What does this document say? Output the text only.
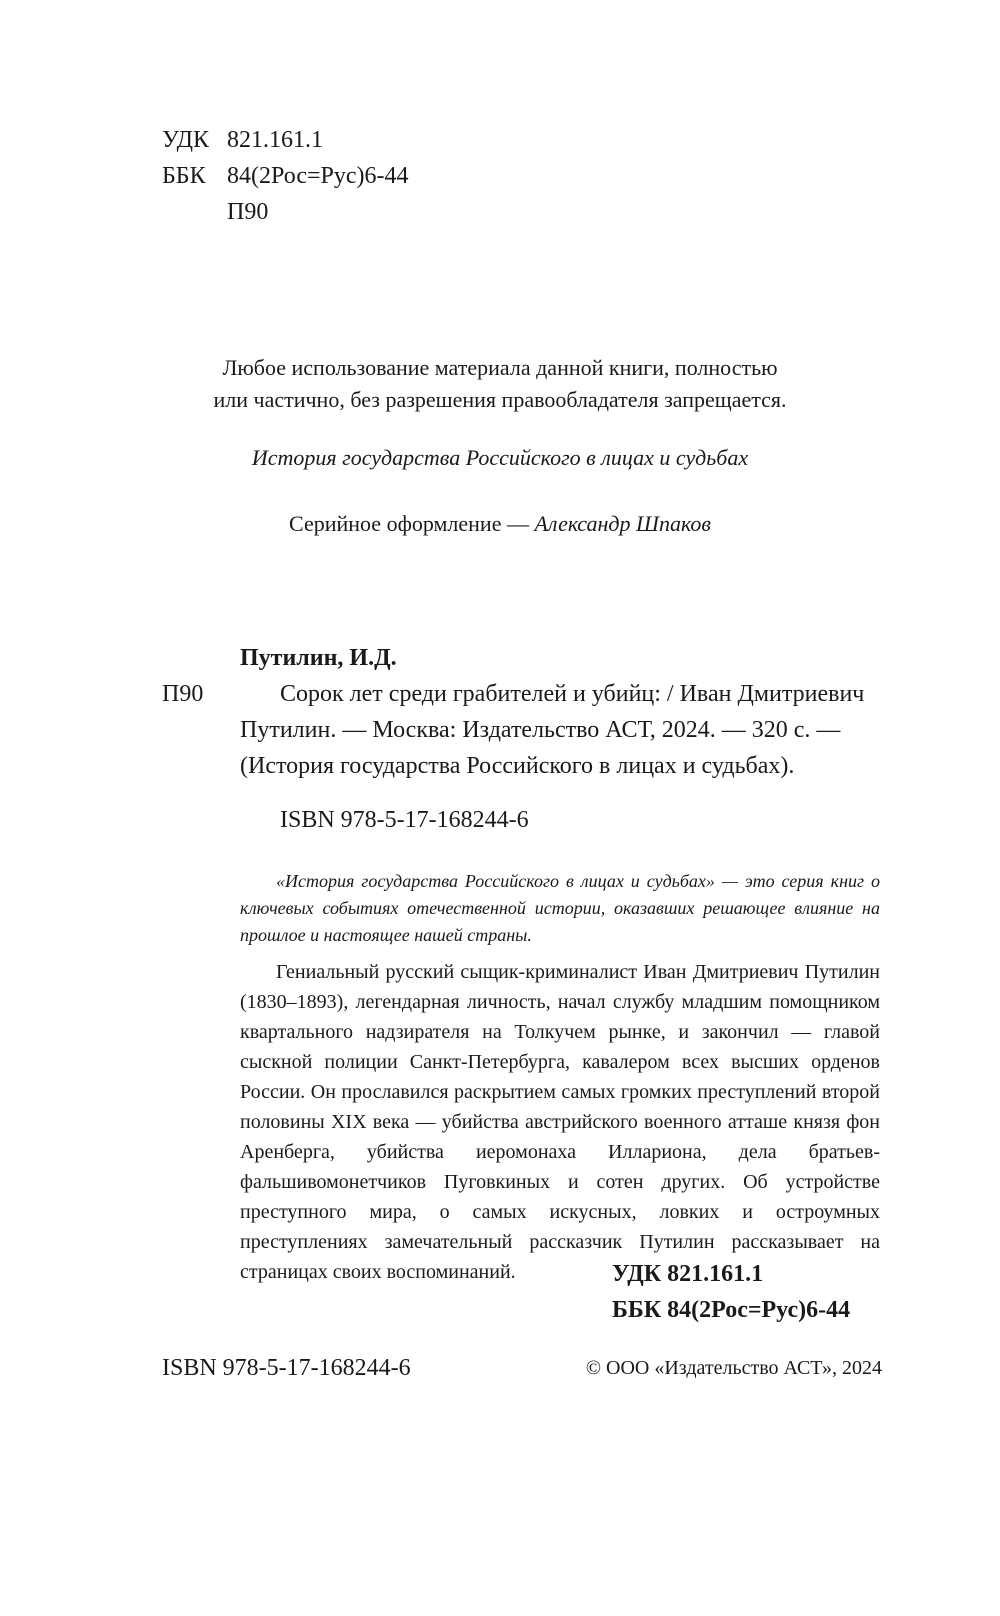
УДК 821.161.1
ББК 84(2Рос=Рус)6-44
П90
Любое использование материала данной книги, полностью
или частично, без разрешения правообладателя запрещается.
История государства Российского в лицах и судьбах
Серийное оформление — Александр Шпаков
Путилин, И.Д.
П90	Сорок лет среди грабителей и убийц: / Иван Дмитриевич
Путилин. — Москва: Издательство АСТ, 2024. — 320 с. —
(История государства Российского в лицах и судьбах).
ISBN 978-5-17-168244-6

«История государства Российского в лицах и судьбах» — это серия книг о ключевых событиях отечественной истории, оказавших решающее влияние на прошлое и настоящее нашей страны.

Гениальный русский сыщик-криминалист Иван Дмитриевич Путилин (1830–1893), легендарная личность, начал службу младшим помощником квартального надзирателя на Толкучем рынке, и закончил — главой сыскной полиции Санкт-Петербурга, кавалером всех высших орденов России. Он прославился раскрытием самых громких преступлений второй половины XIX века — убийства австрийского военного атташе князя фон Аренберга, убийства иеромонаха Иллариона, дела братьев-фальшивомонетчиков Пуговкиных и сотен других. Об устройстве преступного мира, о самых искусных, ловких и остроумных преступлениях замечательный рассказчик Путилин рассказывает на страницах своих воспоминаний.	УДК 821.161.1
ББК 84(2Рос=Рус)6-44
ISBN 978-5-17-168244-6	© ООО «Издательство АСТ», 2024
